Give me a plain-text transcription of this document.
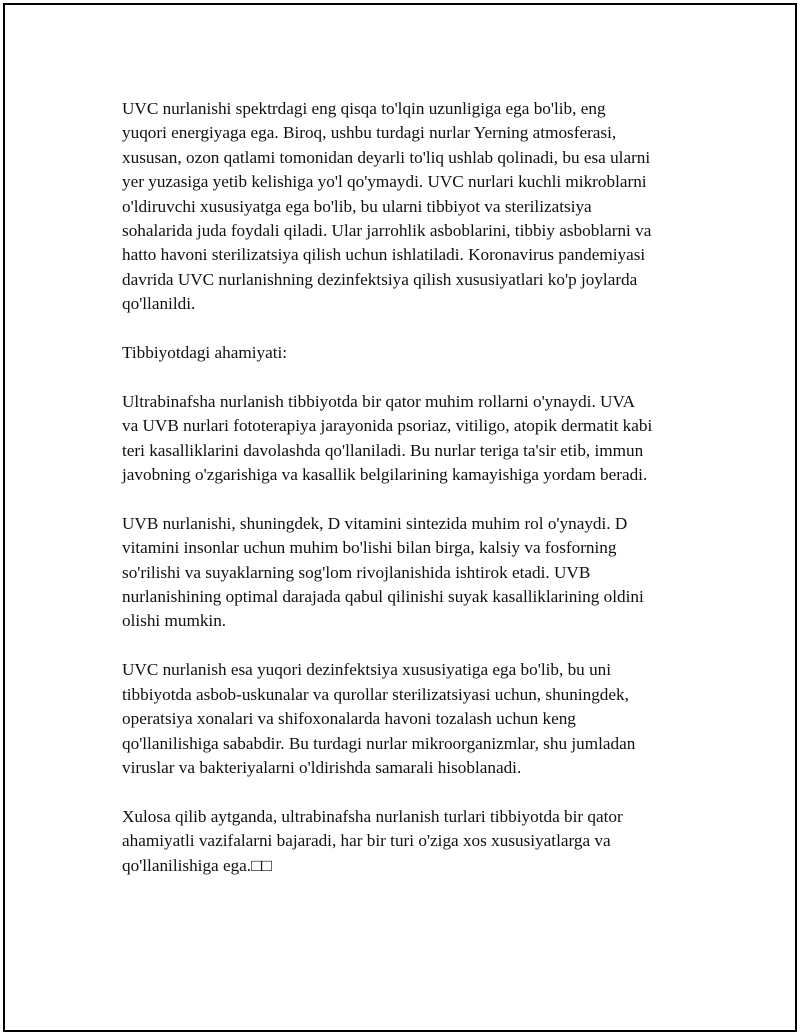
UVC nurlanishi spektrdagi eng qisqa to'lqin uzunligiga ega bo'lib, eng
yuqori energiyaga ega. Biroq, ushbu turdagi nurlar Yerning atmosferasi,
xususan, ozon qatlami tomonidan deyarli to'liq ushlab qolinadi, bu esa ularni
yer yuzasiga yetib kelishiga yo'l qo'ymaydi. UVC nurlari kuchli mikroblarni
o'ldiruvchi xususiyatga ega bo'lib, bu ularni tibbiyot va sterilizatsiya
sohalarida juda foydali qiladi. Ular jarrohlik asboblarini, tibbiy asboblarni va
hatto havoni sterilizatsiya qilish uchun ishlatiladi. Koronavirus pandemiyasi
davrida UVC nurlanishning dezinfektsiya qilish xususiyatlari ko'p joylarda
qo'llanildi.

Tibbiyotdagi ahamiyati:

Ultrabinafsha nurlanish tibbiyotda bir qator muhim rollarni o'ynaydi. UVA
va UVB nurlari fototerapiya jarayonida psoriaz, vitiligo, atopik dermatit kabi
teri kasalliklarini davolashda qo'llaniladi. Bu nurlar teriga ta'sir etib, immun
javobning o'zgarishiga va kasallik belgilarining kamayishiga yordam beradi.

UVB nurlanishi, shuningdek, D vitamini sintezida muhim rol o'ynaydi. D
vitamini insonlar uchun muhim bo'lishi bilan birga, kalsiy va fosforning
so'rilishi va suyaklarning sog'lom rivojlanishida ishtirok etadi. UVB
nurlanishining optimal darajada qabul qilinishi suyak kasalliklarining oldini
olishi mumkin.

UVC nurlanish esa yuqori dezinfektsiya xususiyatiga ega bo'lib, bu uni
tibbiyotda asbob-uskunalar va qurollar sterilizatsiyasi uchun, shuningdek,
operatsiya xonalari va shifoxonalarda havoni tozalash uchun keng
qo'llanilishiga sababdir. Bu turdagi nurlar mikroorganizmlar, shu jumladan
viruslar va bakteriyalarni o'ldirishda samarali hisoblanadi.

Xulosa qilib aytganda, ultrabinafsha nurlanish turlari tibbiyotda bir qator
ahamiyatli vazifalarni bajaradi, har bir turi o'ziga xos xususiyatlarga va
qo'llanilishiga ega.□□
